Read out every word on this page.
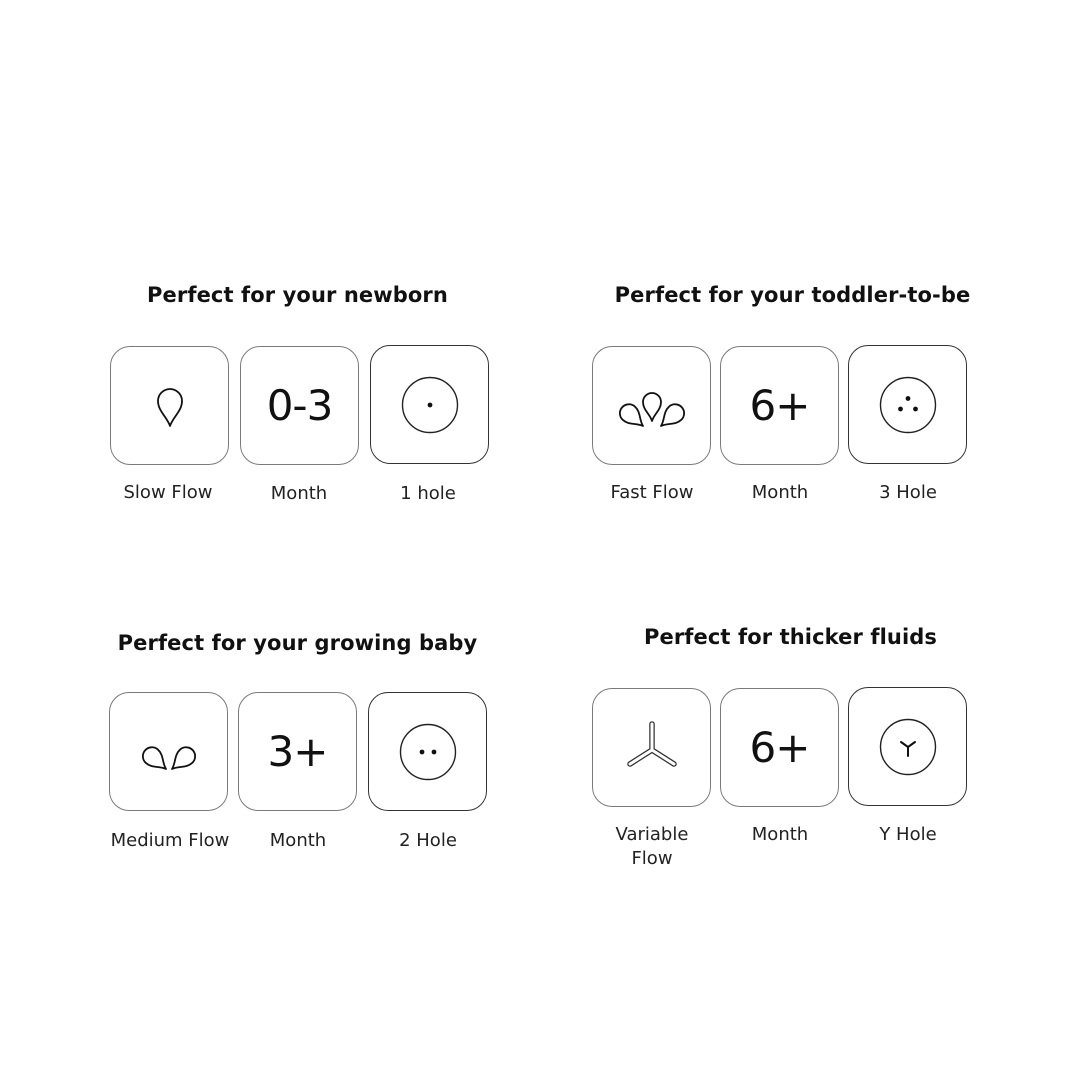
Perfect for your newborn
0-3
Slow Flow	Month	1 hole
Perfect for your toddler-to-be
6+
Fast Flow	Month	3 Hole
Perfect for your growing baby
3+
Medium Flow	Month	2 Hole
Perfect for thicker fluids
6+
Variable
Flow
Month	Y Hole
